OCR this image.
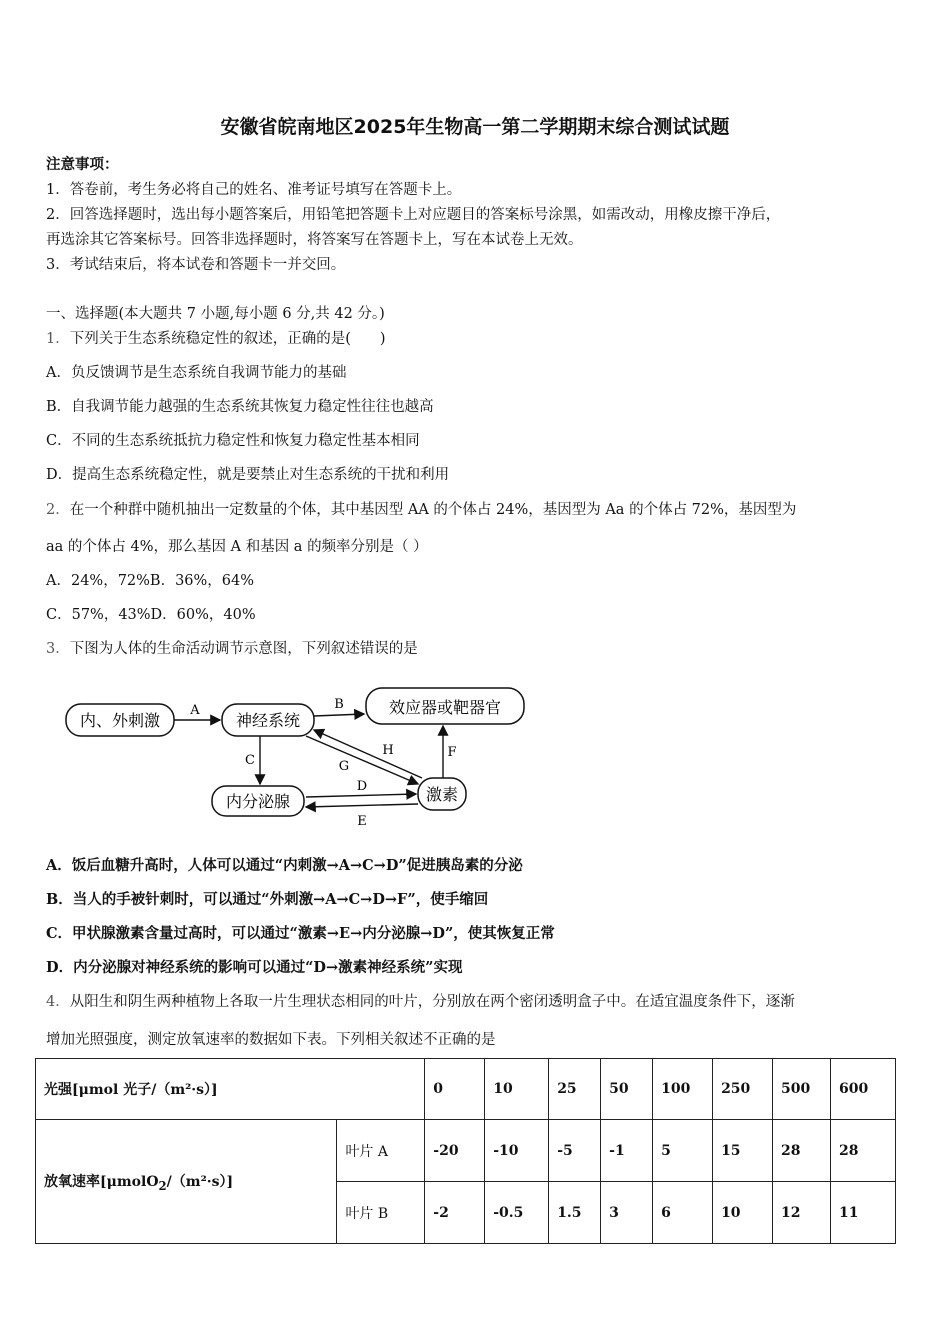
安徽省皖南地区2025年生物高一第二学期期末综合测试试题
注意事项：
1．答卷前，考生务必将自己的姓名、准考证号填写在答题卡上。
2．回答选择题时，选出每小题答案后，用铅笔把答题卡上对应题目的答案标号涂黑，如需改动，用橡皮擦干净后，
再选涂其它答案标号。回答非选择题时，将答案写在答题卡上，写在本试卷上无效。
3．考试结束后，将本试卷和答题卡一并交回。
一、选择题(本大题共 7 小题,每小题 6 分,共 42 分。)
1．下列关于生态系统稳定性的叙述，正确的是(　　)
A．负反馈调节是生态系统自我调节能力的基础
B．自我调节能力越强的生态系统其恢复力稳定性往往也越高
C．不同的生态系统抵抗力稳定性和恢复力稳定性基本相同
D．提高生态系统稳定性，就是要禁止对生态系统的干扰和利用
2．在一个种群中随机抽出一定数量的个体，其中基因型 AA 的个体占 24%，基因型为 Aa 的个体占 72%，基因型为
aa 的个体占 4%，那么基因 A 和基因 a 的频率分别是（ ）
A．24%，72%B．36%，64%
C．57%，43%D．60%，40%
3．下图为人体的生命活动调节示意图，下列叙述错误的是
内、外刺激	神经系统
效应器或靶器官
内分泌腺	激素
A	B
C
D
E
F
G
H
A．饭后血糖升高时，人体可以通过“内刺激→A→C→D”促进胰岛素的分泌
B．当人的手被针刺时，可以通过“外刺激→A→C→D→F”，使手缩回
C．甲状腺激素含量过高时，可以通过“激素→E→内分泌腺→D”，使其恢复正常
D．内分泌腺对神经系统的影响可以通过“D→激素神经系统”实现
4．从阳生和阴生两种植物上各取一片生理状态相同的叶片，分别放在两个密闭透明盒子中。在适宜温度条件下，逐渐
增加光照强度，测定放氧速率的数据如下表。下列相关叙述不正确的是
光强[μmol 光子/（m²·s）]		0	10	25	50	100	250	500	600
放氧速率[μmolO$_2$/（m²·s）]	叶片 A	-20	-10	-5	-1	5	15	28	28
	叶片 B	-2	-0.5	1.5	3	6	10	12	11
